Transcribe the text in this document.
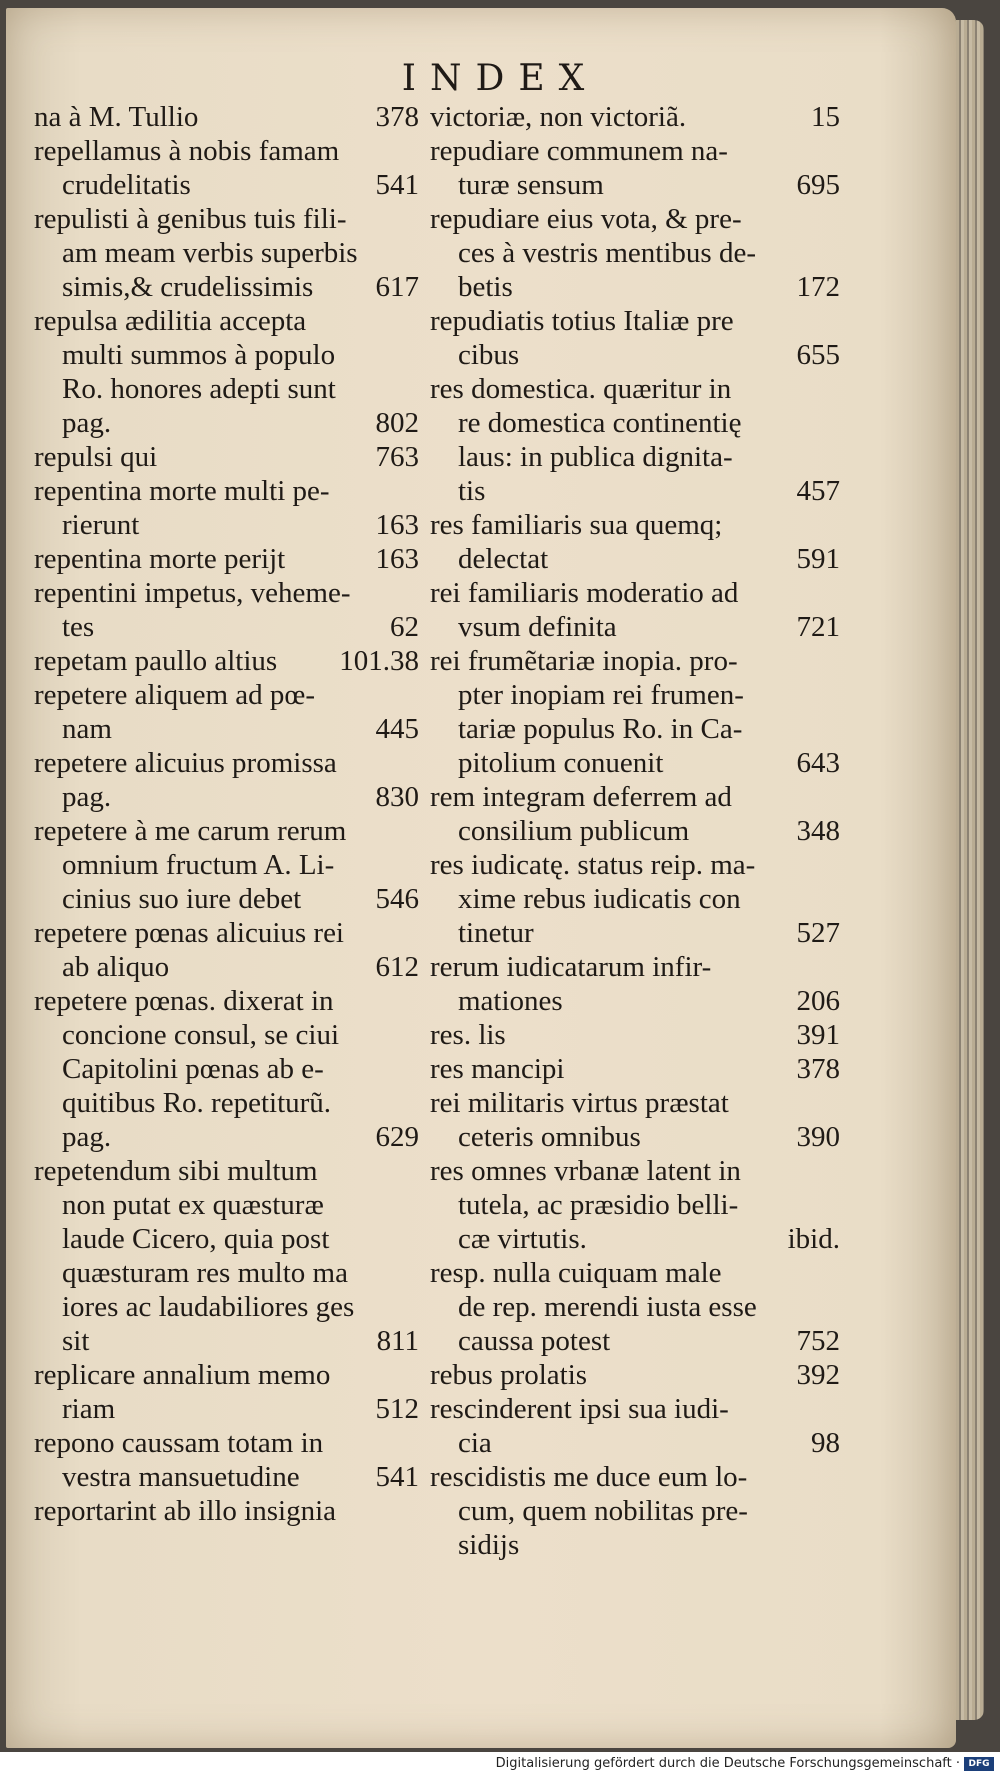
INDEX
na à M. Tullio	378
repellamus à nobis famam
crudelitatis	541
repulisti à genibus tuis fili-
am meam verbis superbis
simis,& crudelissimis 617
repulsa ædilitia accepta
multi summos à populo
Ro. honores adepti sunt
pag.	802
repulsi qui	763
repentina morte multi pe-
rierunt	163
repentina morte perijt	163
repentini impetus, veheme-
tes	62
repetam paullo altius 101.38
repetere aliquem ad pœ-
nam	445
repetere alicuius promissa
pag.	830
repetere à me carum rerum
omnium fructum A. Li-
cinius suo iure debet	546
repetere pœnas alicuius rei
ab aliquo	612
repetere pœnas. dixerat in
concione consul, se ciui
Capitolini pœnas ab e-
quitibus Ro. repetiturũ.
pag.	629
repetendum sibi multum
non putat ex quæsturæ
laude Cicero, quia post
quæsturam res multo ma
iores ac laudabiliores ges
sit	811
replicare annalium memo
riam	512
repono caussam totam in
vestra mansuetudine	541
reportarint ab illo insignia
victoriæ, non victoriã.	15
repudiare communem na-
turæ sensum	695
repudiare eius vota, & pre-
ces à vestris mentibus de-
betis	172
repudiatis totius Italiæ pre
cibus	655
res domestica. quæritur in
re domestica continentię
laus: in publica dignita-
tis	457
res familiaris sua quemq;
delectat	591
rei familiaris moderatio ad
vsum definita	721
rei frumẽtariæ inopia. pro-
pter inopiam rei frumen-
tariæ populus Ro. in Ca-
pitolium conuenit	643
rem integram deferrem ad
consilium publicum	348
res iudicatę. status reip. ma-
xime rebus iudicatis con
tinetur	527
rerum iudicatarum infir-
mationes	206
res. lis	391
res mancipi	378
rei militaris virtus præstat
ceteris omnibus	390
res omnes vrbanæ latent in
tutela, ac præsidio belli-
cæ virtutis.	ibid.
resp. nulla cuiquam male
de rep. merendi iusta esse
caussa potest	752
rebus prolatis	392
rescinderent ipsi sua iudi-
cia	98
rescidistis me duce eum lo-
cum, quem nobilitas pre-
sidijs
Digitalisierung gefördert durch die Deutsche Forschungsgemeinschaft · DFG
